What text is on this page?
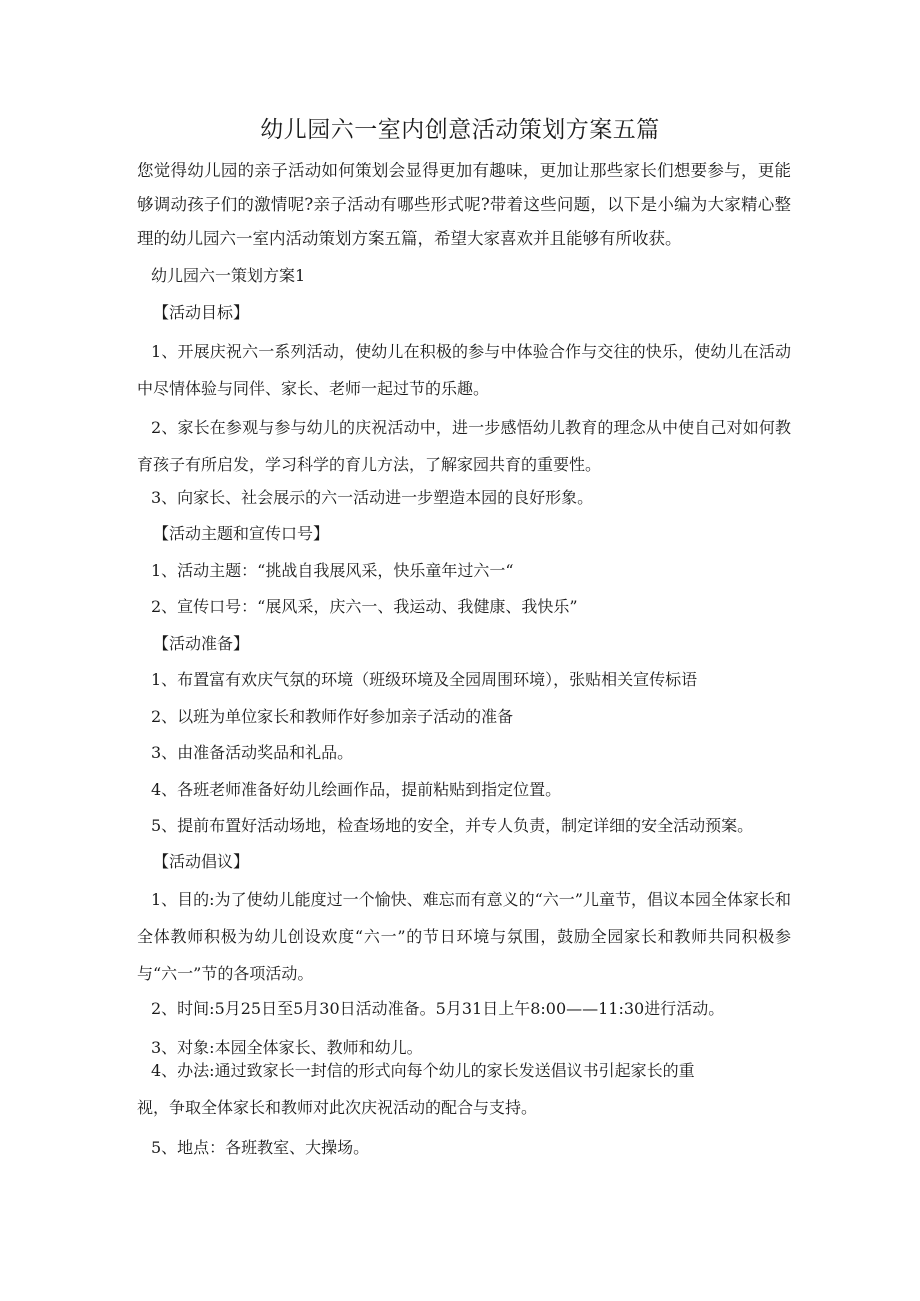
幼儿园六一室内创意活动策划方案五篇
您觉得幼儿园的亲子活动如何策划会显得更加有趣味，更加让那些家长们想要参与，更能够调动孩子们的激情呢?亲子活动有哪些形式呢?带着这些问题，以下是小编为大家精心整理的幼儿园六一室内活动策划方案五篇，希望大家喜欢并且能够有所收获。
幼儿园六一策划方案1
【活动目标】
1、开展庆祝六一系列活动，使幼儿在积极的参与中体验合作与交往的快乐，使幼儿在活动中尽情体验与同伴、家长、老师一起过节的乐趣。
2、家长在参观与参与幼儿的庆祝活动中，进一步感悟幼儿教育的理念从中使自己对如何教育孩子有所启发，学习科学的育儿方法，了解家园共育的重要性。
3、向家长、社会展示的六一活动进一步塑造本园的良好形象。
【活动主题和宣传口号】
1、活动主题：“挑战自我展风采，快乐童年过六一“
2、宣传口号：“展风采，庆六一、我运动、我健康、我快乐”
【活动准备】
1、布置富有欢庆气氛的环境（班级环境及全园周围环境），张贴相关宣传标语
2、以班为单位家长和教师作好参加亲子活动的准备
3、由准备活动奖品和礼品。
4、各班老师准备好幼儿绘画作品，提前粘贴到指定位置。
5、提前布置好活动场地，检查场地的安全，并专人负责，制定详细的安全活动预案。
【活动倡议】
1、目的:为了使幼儿能度过一个愉快、难忘而有意义的“六一”儿童节，倡议本园全体家长和全体教师积极为幼儿创设欢度“六一”的节日环境与氛围，鼓励全园家长和教师共同积极参与“六一”节的各项活动。
2、时间:5月25日至5月30日活动准备。5月31日上午8:00——11:30进行活动。
3、对象:本园全体家长、教师和幼儿。
4、办法:通过致家长一封信的形式向每个幼儿的家长发送倡议书引起家长的重
视，争取全体家长和教师对此次庆祝活动的配合与支持。
5、地点：各班教室、大操场。
